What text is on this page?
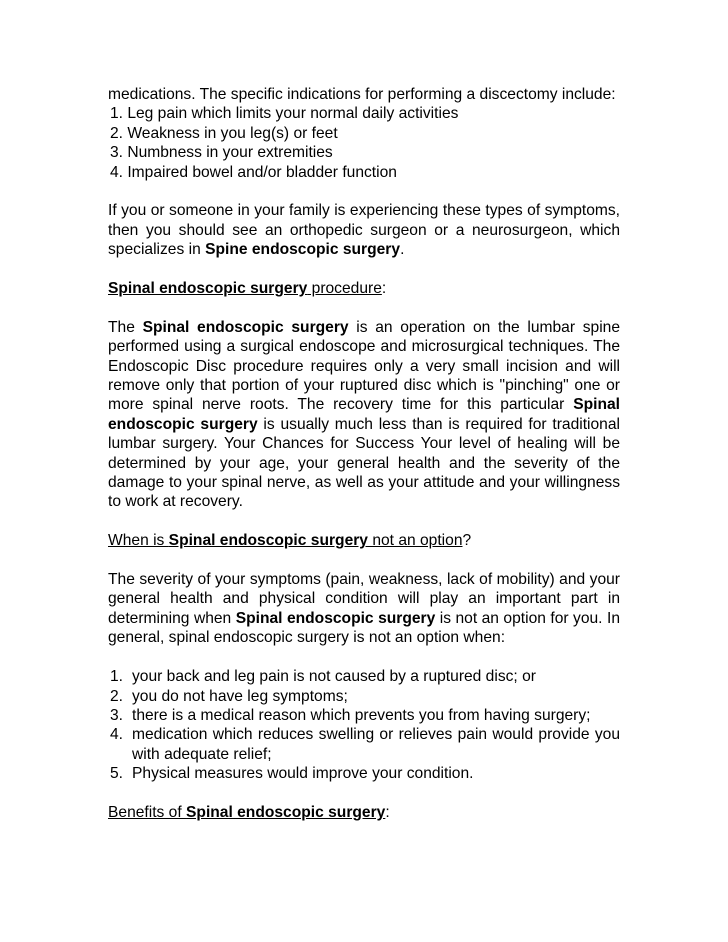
medications. The specific indications for performing a discectomy include:

1. Leg pain which limits your normal daily activities
2. Weakness in you leg(s) or feet
3. Numbness in your extremities
4. Impaired bowel and/or bladder function

If you or someone in your family is experiencing these types of symptoms, then you should see an orthopedic surgeon or a neurosurgeon, which specializes in Spine endoscopic surgery.

Spinal endoscopic surgery procedure:

The Spinal endoscopic surgery is an operation on the lumbar spine performed using a surgical endoscope and microsurgical techniques. The Endoscopic Disc procedure requires only a very small incision and will remove only that portion of your ruptured disc which is "pinching" one or more spinal nerve roots. The recovery time for this particular Spinal endoscopic surgery is usually much less than is required for traditional lumbar surgery. Your Chances for Success Your level of healing will be determined by your age, your general health and the severity of the damage to your spinal nerve, as well as your attitude and your willingness to work at recovery.

When is Spinal endoscopic surgery not an option?

The severity of your symptoms (pain, weakness, lack of mobility) and your general health and physical condition will play an important part in determining when Spinal endoscopic surgery is not an option for you. In general, spinal endoscopic surgery is not an option when:

1. your back and leg pain is not caused by a ruptured disc; or
2. you do not have leg symptoms;
3. there is a medical reason which prevents you from having surgery;
4. medication which reduces swelling or relieves pain would provide you with adequate relief;
5. Physical measures would improve your condition.

Benefits of Spinal endoscopic surgery:
